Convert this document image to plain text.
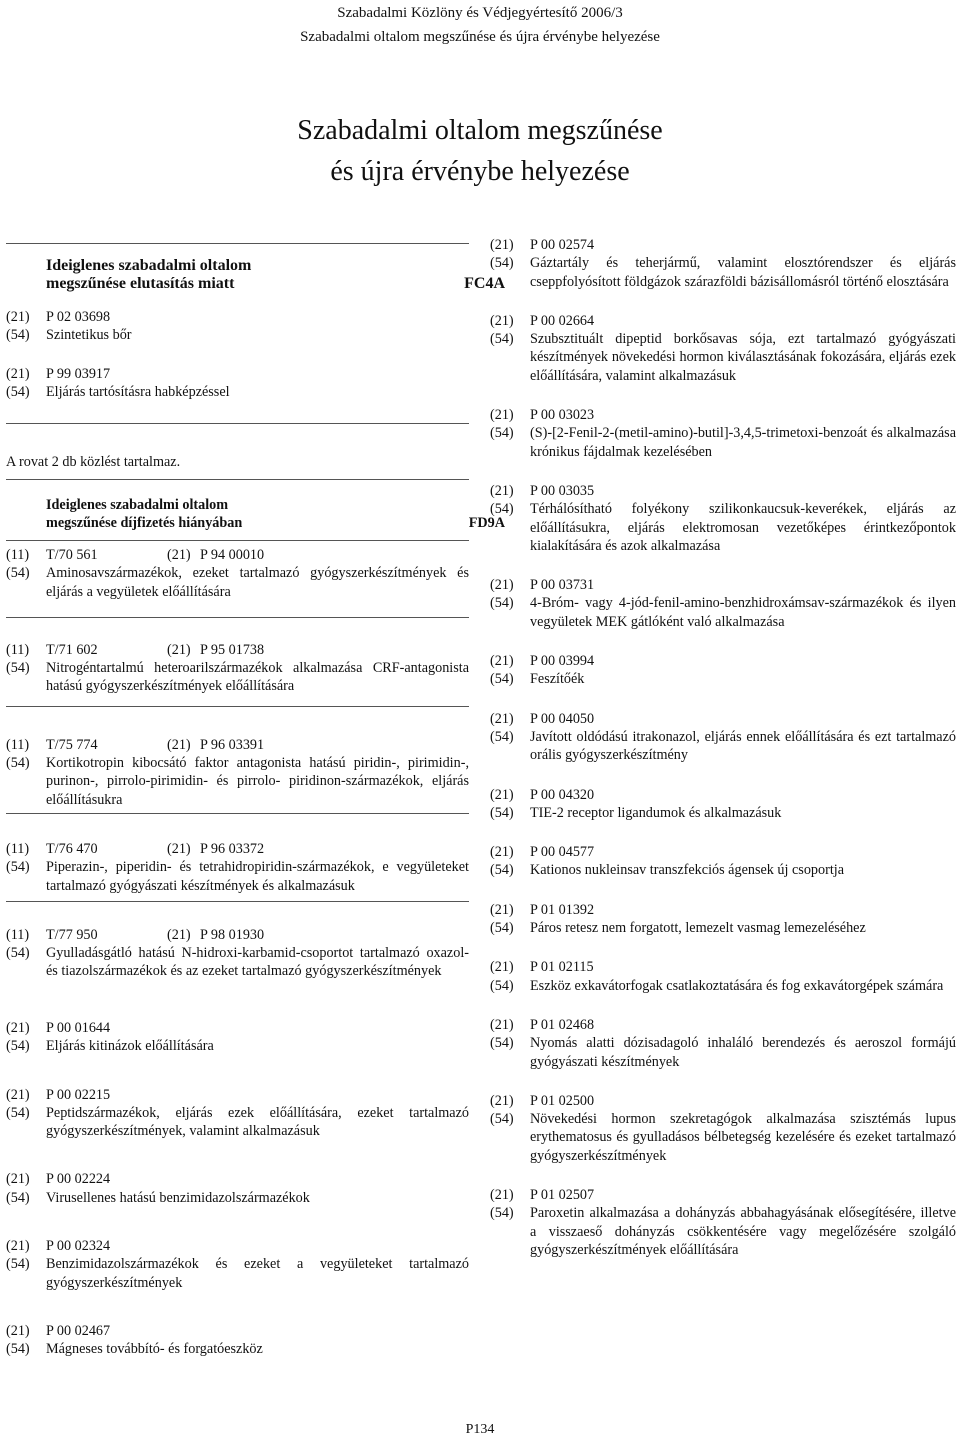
Szabadalmi Közlöny és Védjegyértesítő 2006/3
Szabadalmi oltalom megszűnése és újra érvénybe helyezése
Szabadalmi oltalom megszűnése
és újra érvénybe helyezése
Ideiglenes szabadalmi oltalom
megszűnése elutasítás miatt	FC4A
(21) P 02 03698
(54) Szintetikus bőr
(21) P 99 03917
(54) Eljárás tartósításra habképzéssel
A rovat 2 db közlést tartalmaz.
Ideiglenes szabadalmi oltalom
megszűnése díjfizetés hiányában	FD9A
(11) T/70 561	(21) P 94 00010
(54) Aminosavszármazékok, ezeket tartalmazó gyógyszerkészítmények és eljárás a vegyületek előállítására
(11) T/71 602	(21) P 95 01738
(54) Nitrogéntartalmú heteroarilszármazékok alkalmazása CRF-antagonista hatású gyógyszerkészítmények előállítására
(11) T/75 774	(21) P 96 03391
(54) Kortikotropin kibocsátó faktor antagonista hatású piridin-, pirimidin-, purinon-, pirrolo-pirimidin- és pirrolo- piridinon-származékok, eljárás előállításukra
(11) T/76 470	(21) P 96 03372
(54) Piperazin-, piperidin- és tetrahidropiridin-származékok, e vegyületeket tartalmazó gyógyászati készítmények és alkalmazásuk
(11) T/77 950	(21) P 98 01930
(54) Gyulladásgátló hatású N-hidroxi-karbamid-csoportot tartalmazó oxazol- és tiazolszármazékok és az ezeket tartalmazó gyógyszerkészítmények
(21) P 00 01644
(54) Eljárás kitinázok előállítására
(21) P 00 02215
(54) Peptidszármazékok, eljárás ezek előállítására, ezeket tartalmazó gyógyszerkészítmények, valamint alkalmazásuk
(21) P 00 02224
(54) Virusellenes hatású benzimidazolszármazékok
(21) P 00 02324
(54) Benzimidazolszármazékok és ezeket a vegyületeket tartalmazó gyógyszerkészítmények
(21) P 00 02467
(54) Mágneses továbbító- és forgatóeszköz
(21) P 00 02574
(54) Gáztartály és teherjármű, valamint elosztórendszer és eljárás cseppfolyósított földgázok szárazföldi bázisállomásról történő elosztására
(21) P 00 02664
(54) Szubsztituált dipeptid borkősavas sója, ezt tartalmazó gyógyászati készítmények növekedési hormon kiválasztásának fokozására, eljárás ezek előállítására, valamint alkalmazásuk
(21) P 00 03023
(54) (S)-[2-Fenil-2-(metil-amino)-butil]-3,4,5-trimetoxi-benzoát és alkalmazása krónikus fájdalmak kezelésében
(21) P 00 03035
(54) Térhálósítható folyékony szilikonkaucsuk-keverékek, eljárás az előállításukra, eljárás elektromosan vezetőképes érintkezőpontok kialakítására és azok alkalmazása
(21) P 00 03731
(54) 4-Bróm- vagy 4-jód-fenil-amino-benzhidroxámsav-származékok és ilyen vegyületek MEK gátlóként való alkalmazása
(21) P 00 03994
(54) Feszítőék
(21) P 00 04050
(54) Javított oldódású itrakonazol, eljárás ennek előállítására és ezt tartalmazó orális gyógyszerkészítmény
(21) P 00 04320
(54) TIE-2 receptor ligandumok és alkalmazásuk
(21) P 00 04577
(54) Kationos nukleinsav transzfekciós ágensek új csoportja
(21) P 01 01392
(54) Páros retesz nem forgatott, lemezelt vasmag lemezeléséhez
(21) P 01 02115
(54) Eszköz exkavátorfogak csatlakoztatására és fog exkavátorgépek számára
(21) P 01 02468
(54) Nyomás alatti dózisadagoló inhaláló berendezés és aeroszol formájú gyógyászati készítmények
(21) P 01 02500
(54) Növekedési hormon szekretagógok alkalmazása szisztémás lupus erythematosus és gyulladásos bélbetegség kezelésére és ezeket tartalmazó gyógyszerkészítmények
(21) P 01 02507
(54) Paroxetin alkalmazása a dohányzás abbahagyásának elősegítésére, illetve a visszaeső dohányzás csökkentésére vagy megelőzésére szolgáló gyógyszerkészítmények előállítására
P134
